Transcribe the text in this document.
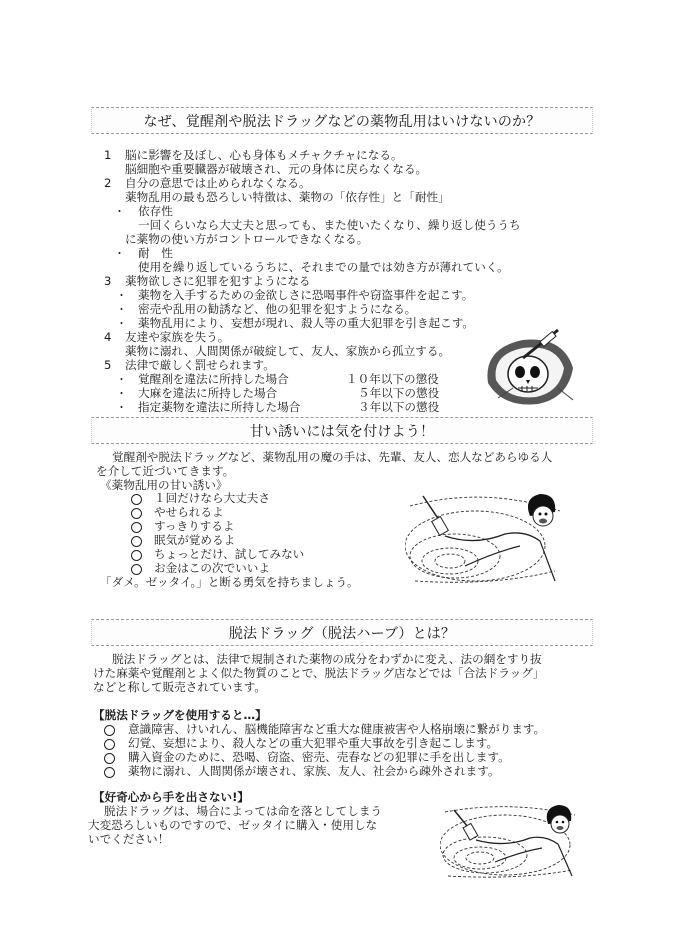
なぜ、覚醒剤や脱法ドラッグなどの薬物乱用はいけないのか？
1 脳に影響を及ぼし、心も身体もメチャクチャになる。
脳細胞や重要臓器が破壊され、元の身体に戻らなくなる。
2 自分の意思では止められなくなる。
薬物乱用の最も恐ろしい特徴は、薬物の「依存性」と「耐性」
・ 依存性
一回くらいなら大丈夫と思っても、また使いたくなり、繰り返し使ううち
に薬物の使い方がコントロールできなくなる。
・ 耐　性
使用を繰り返しているうちに、それまでの量では効き方が薄れていく。
3 薬物欲しさに犯罪を犯すようになる
・ 薬物を入手するための金欲しさに恐喝事件や窃盗事件を起こす。
・ 密売や乱用の勧誘など、他の犯罪を犯すようになる。
・ 薬物乱用により、妄想が現れ、殺人等の重大犯罪を引き起こす。
4 友達や家族を失う。
薬物に溺れ、人間関係が破綻して、友人、家族から孤立する。
5 法律で厳しく罰せられます。
・ 覚醒剤を違法に所持した場合	１０年以下の懲役
・ 大麻を違法に所持した場合	５年以下の懲役
・ 指定薬物を違法に所持した場合	３年以下の懲役
甘い誘いには気を付けよう！
覚醒剤や脱法ドラッグなど、薬物乱用の魔の手は、先輩、友人、恋人などあらゆる人
を介して近づいてきます。
《薬物乱用の甘い誘い》
１回だけなら大丈夫さ
やせられるよ
すっきりするよ
眠気が覚めるよ
ちょっとだけ、試してみない
お金はこの次でいいよ
「ダメ。ゼッタイ。」と断る勇気を持ちましょう。
脱法ドラッグ（脱法ハーブ）とは？
脱法ドラッグとは、法律で規制された薬物の成分をわずかに変え、法の網をすり抜
けた麻薬や覚醒剤とよく似た物質のことで、脱法ドラッグ店などでは「合法ドラッグ」
などと称して販売されています。
【脱法ドラッグを使用すると…】
意識障害、けいれん、脳機能障害など重大な健康被害や人格崩壊に繋がります。
幻覚、妄想により、殺人などの重大犯罪や重大事故を引き起こします。
購入資金のために、恐喝、窃盗、密売、売春などの犯罪に手を出します。
薬物に溺れ、人間関係が壊され、家族、友人、社会から疎外されます。
【好奇心から手を出さない!】
脱法ドラッグは、場合によっては命を落としてしまう
大変恐ろしいものですので、ゼッタイに購入・使用しな
いでください！
